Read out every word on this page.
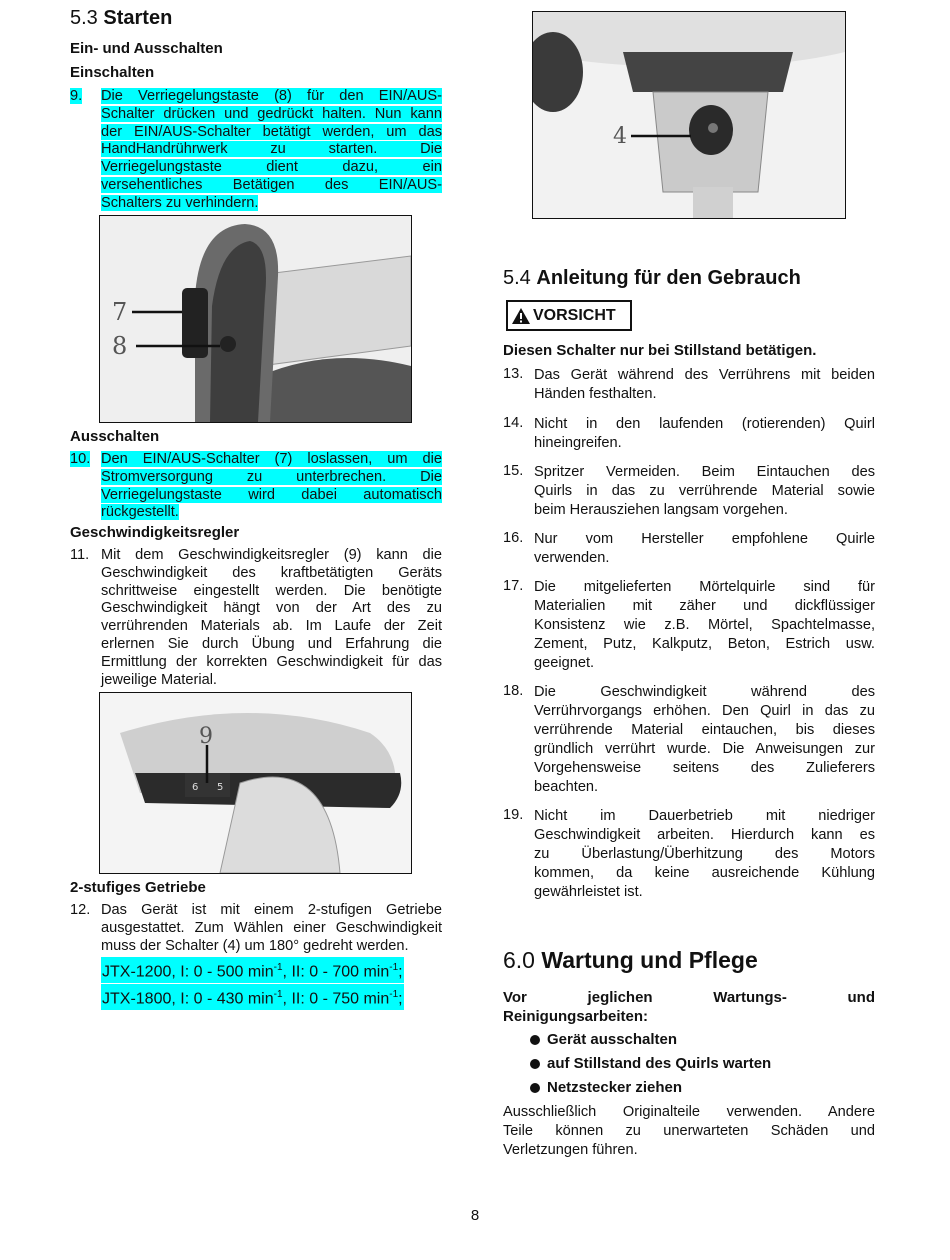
5.3 Starten

Ein- und Ausschalten

Einschalten

9.	Die Verriegelungstaste (8) für den EIN/AUS-
Schalter drücken und gedrückt halten. Nun kann
der EIN/AUS-Schalter betätigt werden, um das
HandHandrührwerk zu starten. Die
Verriegelungstaste dient dazu, ein
versehentliches Betätigen des EIN/AUS-
Schalters zu verhindern.
7
8

Ausschalten

10. Den EIN/AUS-Schalter (7) loslassen, um die
Stromversorgung zu unterbrechen. Die
Verriegelungstaste wird dabei automatisch
rückgestellt.

Geschwindigkeitsregler

11. Mit dem Geschwindigkeitsregler (9) kann die
Geschwindigkeit des kraftbetätigten Geräts
schrittweise eingestellt werden. Die benötigte
Geschwindigkeit hängt von der Art des zu
verrührenden Materials ab. Im Laufe der Zeit
erlernen Sie durch Übung und Erfahrung die
Ermittlung der korrekten Geschwindigkeit für das
jeweilige Material.
9
6 5

2-stufiges Getriebe

12. Das Gerät ist mit einem 2-stufigen Getriebe
ausgestattet. Zum Wählen einer Geschwindigkeit
muss der Schalter (4) um 180° gedreht werden.
JTX-1200, I: 0 - 500 $\min^{-1}$, II: 0 - 700 $\min^{-1}$;
JTX-1800, I: 0 - 430 $\min^{-1}$, II: 0 - 750 $\min^{-1}$;
4
5.4 Anleitung für den Gebrauch
VORSICHT

Diesen Schalter nur bei Stillstand betätigen.

13. Das Gerät während des Verrührens mit beiden
Händen festhalten.
14. Nicht in den laufenden (rotierenden) Quirl
hineingreifen.
15. Spritzer Vermeiden. Beim Eintauchen des
Quirls in das zu verrührende Material sowie
beim Herausziehen langsam vorgehen.
16. Nur vom Hersteller empfohlene Quirle
verwenden.
17. Die mitgelieferten Mörtelquirle sind für
Materialien mit zäher und dickflüssiger
Konsistenz wie z.B. Mörtel, Spachtelmasse,
Zement, Putz, Kalkputz, Beton, Estrich usw.
geeignet.
18. Die Geschwindigkeit während des
Verrührvorgangs erhöhen. Den Quirl in das zu
verrührende Material eintauchen, bis dieses
gründlich verrührt wurde. Die Anweisungen zur
Vorgehensweise seitens des Zulieferers
beachten.
19. Nicht im Dauerbetrieb mit niedriger
Geschwindigkeit arbeiten. Hierdurch kann es
zu Überlastung/Überhitzung des Motors
kommen, da keine ausreichende Kühlung
gewährleistet ist.
6.0 Wartung und Pflege
Vor jeglichen Wartungs- und
Reinigungsarbeiten:
Gerät ausschalten
auf Stillstand des Quirls warten
Netzstecker ziehen
Ausschließlich Originalteile verwenden. Andere
Teile können zu unerwarteten Schäden und
Verletzungen führen.
8
